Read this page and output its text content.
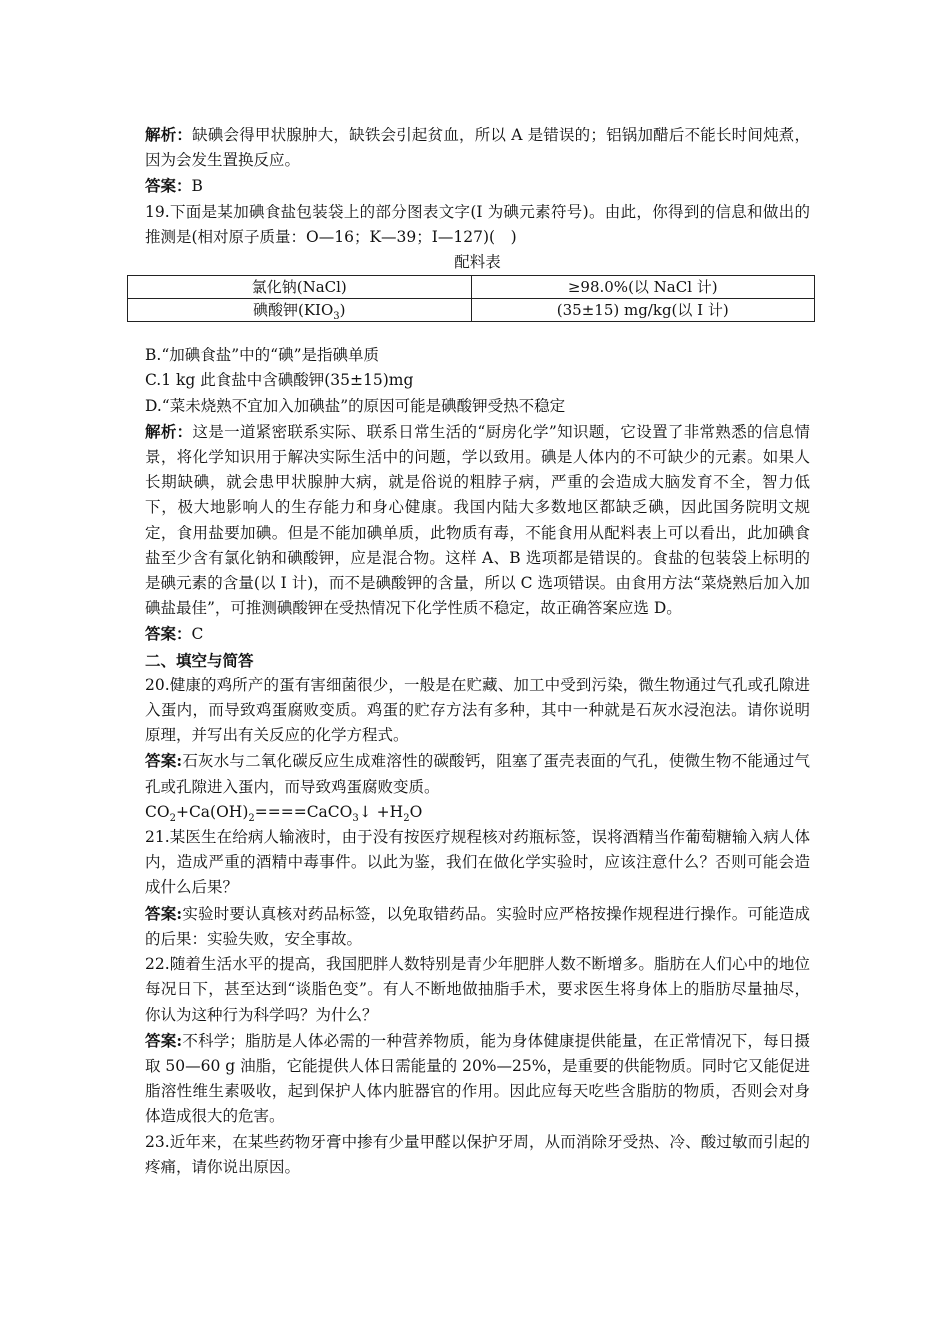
解析：缺碘会得甲状腺肿大，缺铁会引起贫血，所以 A 是错误的；铝锅加醋后不能长时间炖煮，因为会发生置换反应。

答案：B

19.下面是某加碘食盐包装袋上的部分图表文字(I 为碘元素符号)。由此，你得到的信息和做出的推测是(相对原子质量：O—16；K—39；I—127)(　)

配料表

氯化钠(NaCl)	≥98.0%(以 NaCl 计)
碘酸钾$(KIO_3)$	(35±15) mg/kg(以 I 计)

B.“加碘食盐”中的“碘”是指碘单质

C.1 kg 此食盐中含碘酸钾(35±15)mg

D.“菜未烧熟不宜加入加碘盐”的原因可能是碘酸钾受热不稳定

解析：这是一道紧密联系实际、联系日常生活的“厨房化学”知识题，它设置了非常熟悉的信息情景，将化学知识用于解决实际生活中的问题，学以致用。碘是人体内的不可缺少的元素。如果人长期缺碘，就会患甲状腺肿大病，就是俗说的粗脖子病，严重的会造成大脑发育不全，智力低下，极大地影响人的生存能力和身心健康。我国内陆大多数地区都缺乏碘，因此国务院明文规定，食用盐要加碘。但是不能加碘单质，此物质有毒，不能食用从配料表上可以看出，此加碘食盐至少含有氯化钠和碘酸钾，应是混合物。这样 A、B 选项都是错误的。食盐的包装袋上标明的是碘元素的含量(以 I 计)，而不是碘酸钾的含量，所以 C 选项错误。由食用方法“菜烧熟后加入加碘盐最佳”，可推测碘酸钾在受热情况下化学性质不稳定，故正确答案应选 D。

答案：C

二、填空与简答

20.健康的鸡所产的蛋有害细菌很少，一般是在贮藏、加工中受到污染，微生物通过气孔或孔隙进入蛋内，而导致鸡蛋腐败变质。鸡蛋的贮存方法有多种，其中一种就是石灰水浸泡法。请你说明原理，并写出有关反应的化学方程式。

答案:石灰水与二氧化碳反应生成难溶性的碳酸钙，阻塞了蛋壳表面的气孔，使微生物不能通过气孔或孔隙进入蛋内，而导致鸡蛋腐败变质。

$CO_2+Ca(OH)_2====CaCO_3↓ +H_2O$

21.某医生在给病人输液时，由于没有按医疗规程核对药瓶标签，误将酒精当作葡萄糖输入病人体内，造成严重的酒精中毒事件。以此为鉴，我们在做化学实验时，应该注意什么？否则可能会造成什么后果？

答案:实验时要认真核对药品标签，以免取错药品。实验时应严格按操作规程进行操作。可能造成的后果：实验失败，安全事故。

22.随着生活水平的提高，我国肥胖人数特别是青少年肥胖人数不断增多。脂肪在人们心中的地位每况日下，甚至达到“谈脂色变”。有人不断地做抽脂手术，要求医生将身体上的脂肪尽量抽尽，你认为这种行为科学吗？为什么？

答案:不科学；脂肪是人体必需的一种营养物质，能为身体健康提供能量，在正常情况下，每日摄取 50—60 g 油脂，它能提供人体日需能量的 20%—25%，是重要的供能物质。同时它又能促进脂溶性维生素吸收，起到保护人体内脏器官的作用。因此应每天吃些含脂肪的物质，否则会对身体造成很大的危害。

23.近年来，在某些药物牙膏中掺有少量甲醛以保护牙周，从而消除牙受热、冷、酸过敏而引起的疼痛，请你说出原因。
